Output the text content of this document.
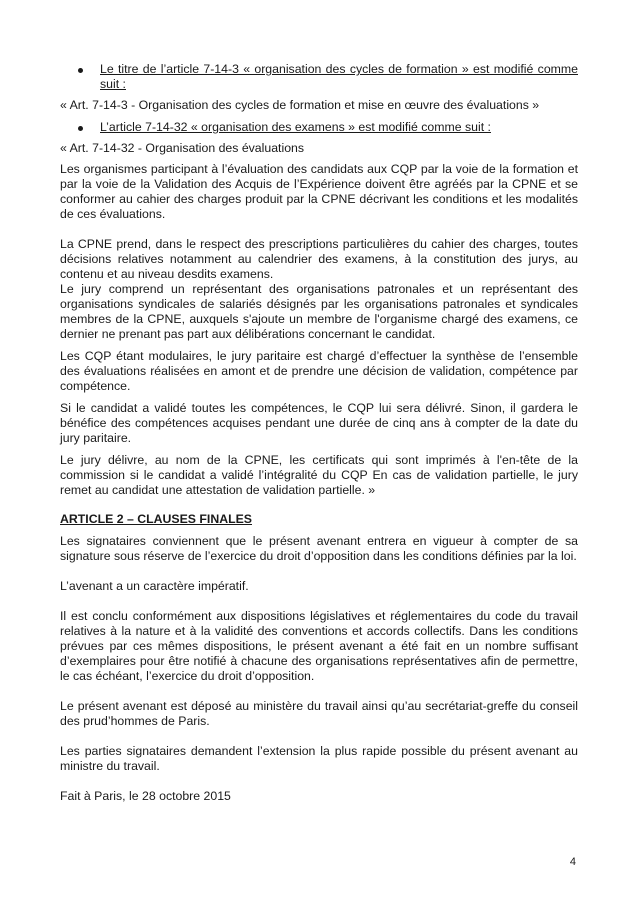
Le titre de l’article 7-14-3 « organisation des cycles de formation » est modifié comme suit :

« Art. 7-14-3 - Organisation des cycles de formation et mise en œuvre des évaluations »

L’article 7-14-32 « organisation des examens » est modifié comme suit :

« Art. 7-14-32 - Organisation des évaluations

Les organismes participant à l’évaluation des candidats aux CQP par la voie de la formation et par la voie de la Validation des Acquis de l’Expérience doivent être agréés par la CPNE et se conformer au cahier des charges produit par la CPNE décrivant les conditions et les modalités de ces évaluations.

La CPNE prend, dans le respect des prescriptions particulières du cahier des charges, toutes décisions relatives notamment au calendrier des examens, à la constitution des jurys, au contenu et au niveau desdits examens.

Le jury comprend un représentant des organisations patronales et un représentant des organisations syndicales de salariés désignés par les organisations patronales et syndicales membres de la CPNE, auxquels s'ajoute un membre de l'organisme chargé des examens, ce dernier ne prenant pas part aux délibérations concernant le candidat.

Les CQP étant modulaires, le jury paritaire est chargé d’effectuer la synthèse de l’ensemble des évaluations réalisées en amont et de prendre une décision de validation, compétence par compétence.

Si le candidat a validé toutes les compétences, le CQP lui sera délivré. Sinon, il gardera le bénéfice des compétences acquises pendant une durée de cinq ans à compter de la date du jury paritaire.

Le jury délivre, au nom de la CPNE, les certificats qui sont imprimés à l'en-tête de la commission si le candidat a validé l’intégralité du CQP En cas de validation partielle, le jury remet au candidat une attestation de validation partielle. »

ARTICLE 2 – CLAUSES FINALES

Les signataires conviennent que le présent avenant entrera en vigueur à compter de sa signature sous réserve de l’exercice du droit d’opposition dans les conditions définies par la loi.

L’avenant a un caractère impératif.

Il est conclu conformément aux dispositions législatives et réglementaires du code du travail relatives à la nature et à la validité des conventions et accords collectifs. Dans les conditions prévues par ces mêmes dispositions, le présent avenant a été fait en un nombre suffisant d’exemplaires pour être notifié à chacune des organisations représentatives afin de permettre, le cas échéant, l’exercice du droit d’opposition.

Le présent avenant est déposé au ministère du travail ainsi qu’au secrétariat-greffe du conseil des prud’hommes de Paris.

Les parties signataires demandent l’extension la plus rapide possible du présent avenant au ministre du travail.

Fait à Paris, le 28 octobre 2015

4
